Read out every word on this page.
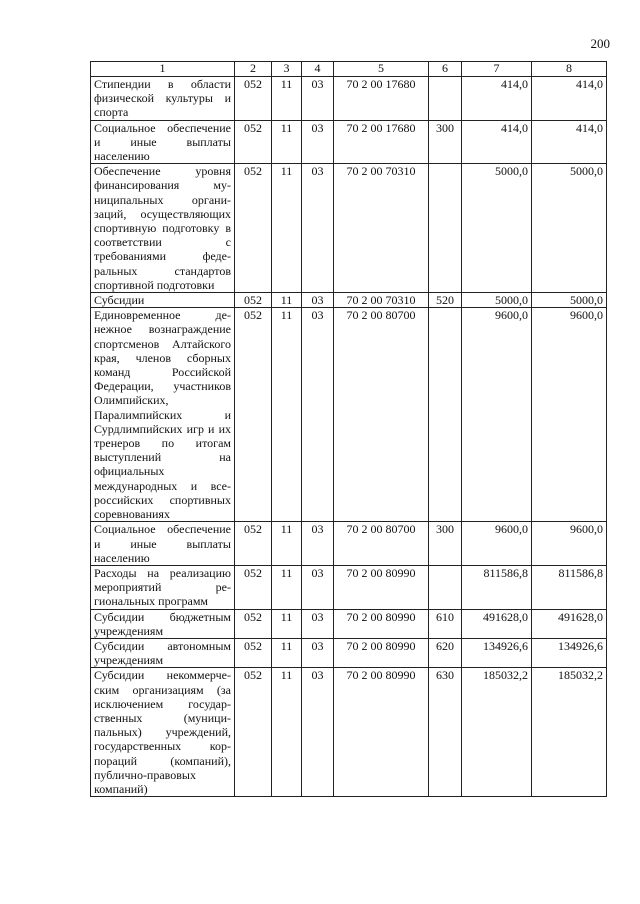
200
1	2	3	4	5	6	7	8
Стипендии в области физической культуры и спорта	052	11	03	70 2 00 17680		414,0	414,0
Социальное обеспечение и иные выплаты населению	052	11	03	70 2 00 17680	300	414,0	414,0
Обеспечение уровня финансирования муниципальных организаций, осуществляющих спортивную подготовку в соответствии с требованиями федеральных стандартов спортивной подготовки	052	11	03	70 2 00 70310		5000,0	5000,0
Субсидии	052	11	03	70 2 00 70310	520	5000,0	5000,0
Единовременное денежное вознаграждение спортсменов Алтайского края, членов сборных команд Российской Федерации, участников Олимпийских, Паралимпийских и Сурдлимпийских игр и их тренеров по итогам выступлений на официальных международных и всероссийских спортивных соревнованиях	052	11	03	70 2 00 80700		9600,0	9600,0
Социальное обеспечение и иные выплаты населению	052	11	03	70 2 00 80700	300	9600,0	9600,0
Расходы на реализацию мероприятий региональных программ	052	11	03	70 2 00 80990		811586,8	811586,8
Субсидии бюджетным учреждениям	052	11	03	70 2 00 80990	610	491628,0	491628,0
Субсидии автономным учреждениям	052	11	03	70 2 00 80990	620	134926,6	134926,6
Субсидии некоммерческим организациям (за исключением государственных (муниципальных) учреждений, государственных корпораций (компаний), публично-правовых компаний)	052	11	03	70 2 00 80990	630	185032,2	185032,2
